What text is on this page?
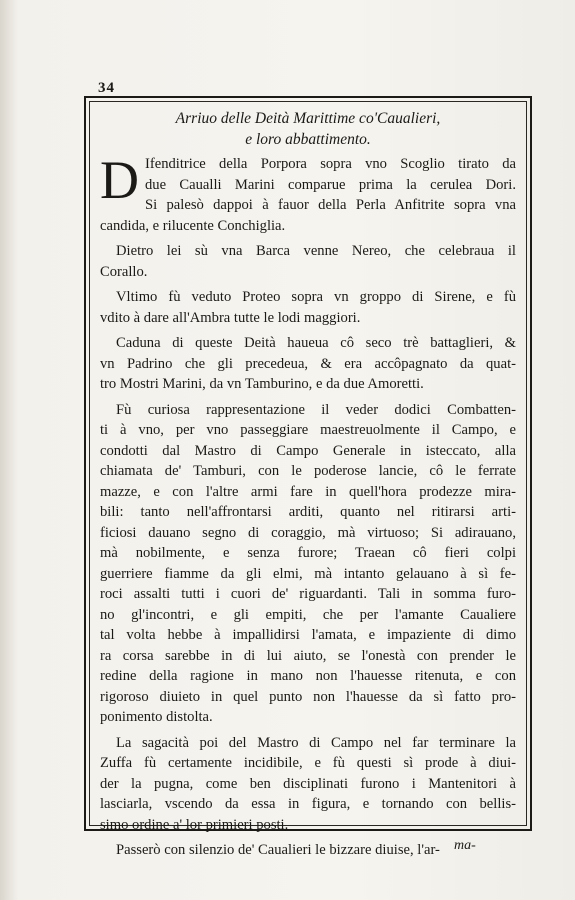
34
Arriuo delle Deità Marittime co'Caualieri,
e loro abbattimento.
D Ifenditrice della Porpora sopra vno Scoglio tirato da
due Caualli Marini comparue prima la cerulea Dori.
Si palesò dappoi à fauor della Perla Anfitrite sopra vna
candida, e rilucente Conchiglia.
Dietro lei sù vna Barca venne Nereo, che celebraua il
Corallo.
Vltimo fù veduto Proteo sopra vn groppo di Sirene, e fù
vdito à dare all'Ambra tutte le lodi maggiori.
Caduna di queste Deità haueua cô seco trè battaglieri, &
vn Padrino che gli precedeua, & era accôpagnato da quat-
tro Mostri Marini, da vn Tamburino, e da due Amoretti.
Fù curiosa rappresentazione il veder dodici Combatten-
ti à vno, per vno passeggiare maestreuolmente il Campo, e
condotti dal Mastro di Campo Generale in isteccato, alla
chiamata de' Tamburi, con le poderose lancie, cô le ferrate
mazze, e con l'altre armi fare in quell'hora prodezze mira-
bili: tanto nell'affrontarsi arditi, quanto nel ritirarsi arti-
ficiosi dauano segno di coraggio, mà virtuoso; Si adirauano,
mà nobilmente, e senza furore; Traean cô fieri colpi
guerriere fiamme da gli elmi, mà intanto gelauano à sì fe-
roci assalti tutti i cuori de' riguardanti. Tali in somma furo-
no gl'incontri, e gli empiti, che per l'amante Caualiere
tal volta hebbe à impallidirsi l'amata, e impaziente di dimo
ra corsa sarebbe in di lui aiuto, se l'onestà con prender le
redine della ragione in mano non l'hauesse ritenuta, e con
rigoroso diuieto in quel punto non l'hauesse da sì fatto pro-
ponimento distolta.
La sagacità poi del Mastro di Campo nel far terminare la
Zuffa fù certamente incidibile, e fù questi sì prode à diui-
der la pugna, come ben disciplinati furono i Mantenitori à
lasciarla, vscendo da essa in figura, e tornando con bellis-
simo ordine a' lor primieri posti.
Passerò con silenzio de' Caualieri le bizzare diuise, l'ar-	ma-
